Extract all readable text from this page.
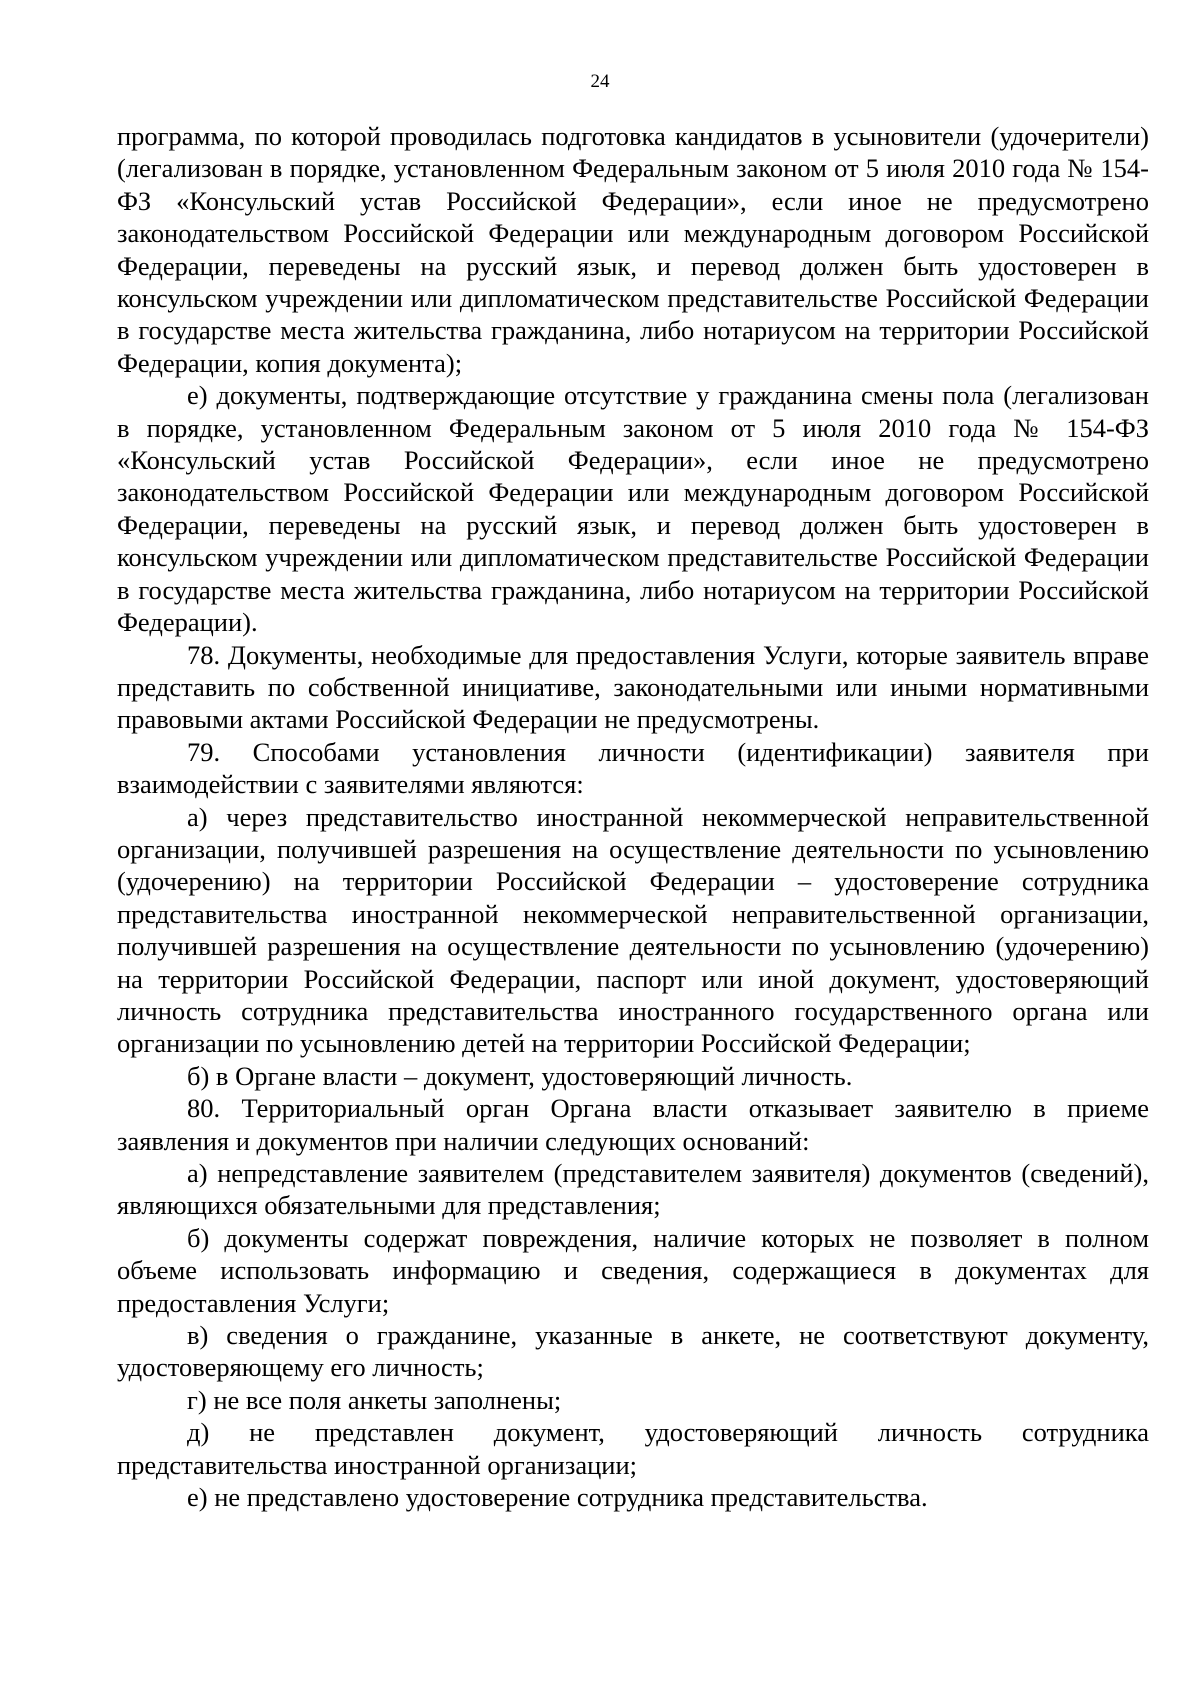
24

программа, по которой проводилась подготовка кандидатов в усыновители (удочерители) (легализован в порядке, установленном Федеральным законом от 5 июля 2010 года № 154-ФЗ «Консульский устав Российской Федерации», если иное не предусмотрено законодательством Российской Федерации или международным договором Российской Федерации, переведены на русский язык, и перевод должен быть удостоверен в консульском учреждении или дипломатическом представительстве Российской Федерации в государстве места жительства гражданина, либо нотариусом на территории Российской Федерации, копия документа);

е) документы, подтверждающие отсутствие у гражданина смены пола (легализован в порядке, установленном Федеральным законом от 5 июля 2010 года № 154-ФЗ «Консульский устав Российской Федерации», если иное не предусмотрено законодательством Российской Федерации или международным договором Российской Федерации, переведены на русский язык, и перевод должен быть удостоверен в консульском учреждении или дипломатическом представительстве Российской Федерации в государстве места жительства гражданина, либо нотариусом на территории Российской Федерации).

78. Документы, необходимые для предоставления Услуги, которые заявитель вправе представить по собственной инициативе, законодательными или иными нормативными правовыми актами Российской Федерации не предусмотрены.

79. Способами установления личности (идентификации) заявителя при взаимодействии с заявителями являются:

а) через представительство иностранной некоммерческой неправительственной организации, получившей разрешения на осуществление деятельности по усыновлению (удочерению) на территории Российской Федерации – удостоверение сотрудника представительства иностранной некоммерческой неправительственной организации, получившей разрешения на осуществление деятельности по усыновлению (удочерению) на территории Российской Федерации, паспорт или иной документ, удостоверяющий личность сотрудника представительства иностранного государственного органа или организации по усыновлению детей на территории Российской Федерации;

б) в Органе власти – документ, удостоверяющий личность.

80. Территориальный орган Органа власти отказывает заявителю в приеме заявления и документов при наличии следующих оснований:

а) непредставление заявителем (представителем заявителя) документов (сведений), являющихся обязательными для представления;

б) документы содержат повреждения, наличие которых не позволяет в полном объеме использовать информацию и сведения, содержащиеся в документах для предоставления Услуги;

в) сведения о гражданине, указанные в анкете, не соответствуют документу, удостоверяющему его личность;

г) не все поля анкеты заполнены;

д) не представлен документ, удостоверяющий личность сотрудника представительства иностранной организации;

е) не представлено удостоверение сотрудника представительства.
